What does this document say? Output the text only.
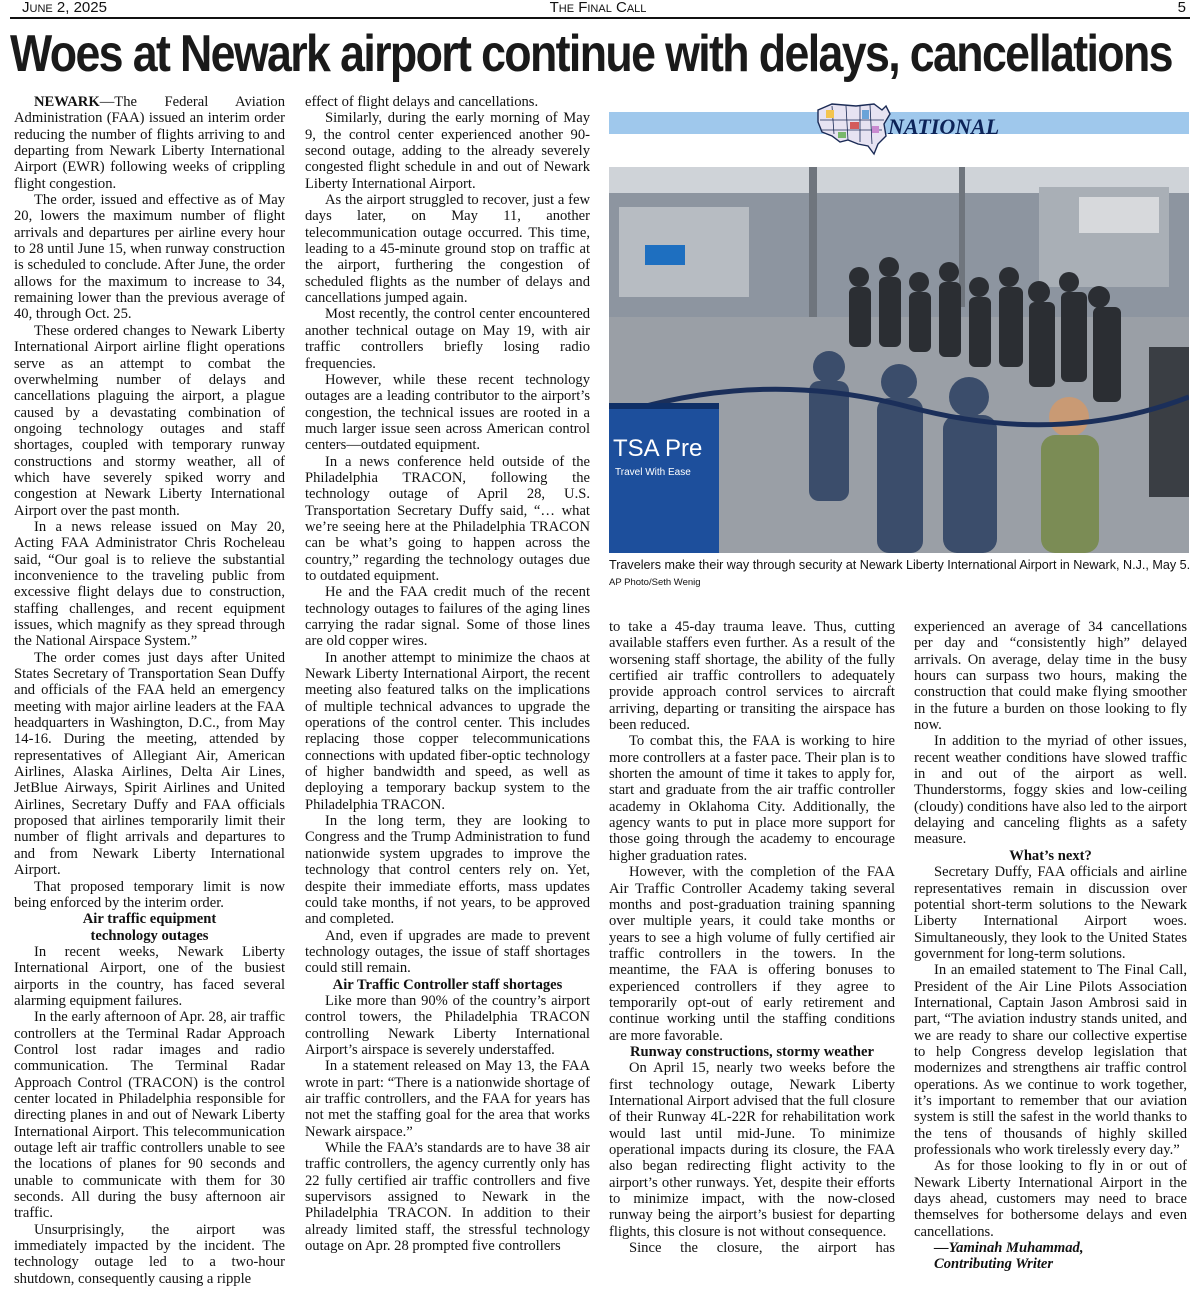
June 2, 2025	The Final Call	5
Woes at Newark airport continue with delays, cancellations

NEWARK—The Federal Aviation Administration (FAA) issued an interim order reducing the number of flights arriving to and departing from Newark Liberty International Airport (EWR) following weeks of crippling flight congestion.

The order, issued and effective as of May 20, lowers the maximum number of flight arrivals and departures per airline every hour to 28 until June 15, when runway construction is scheduled to conclude. After June, the order allows for the maximum to increase to 34, remaining lower than the previous average of 40, through Oct. 25.

These ordered changes to Newark Liberty International Airport airline flight operations serve as an attempt to combat the overwhelming number of delays and cancellations plaguing the airport, a plague caused by a devastating combination of ongoing technology outages and staff shortages, coupled with temporary runway constructions and stormy weather, all of which have severely spiked worry and congestion at Newark Liberty International Airport over the past month.

In a news release issued on May 20, Acting FAA Administrator Chris Rocheleau said, “Our goal is to relieve the substantial inconvenience to the traveling public from excessive flight delays due to construction, staffing challenges, and recent equipment issues, which magnify as they spread through the National Airspace System.”

The order comes just days after United States Secretary of Transportation Sean Duffy and officials of the FAA held an emergency meeting with major airline leaders at the FAA headquarters in Washington, D.C., from May 14-16. During the meeting, attended by representatives of Allegiant Air, American Airlines, Alaska Airlines, Delta Air Lines, JetBlue Airways, Spirit Airlines and United Airlines, Secretary Duffy and FAA officials proposed that airlines temporarily limit their number of flight arrivals and departures to and from Newark Liberty International Airport.

That proposed temporary limit is now being enforced by the interim order.

Air traffic equipment
technology outages

In recent weeks, Newark Liberty International Airport, one of the busiest airports in the country, has faced several alarming equipment failures.

In the early afternoon of Apr. 28, air traffic controllers at the Terminal Radar Approach Control lost radar images and radio communication. The Terminal Radar Approach Control (TRACON) is the control center located in Philadelphia responsible for directing planes in and out of Newark Liberty International Airport. This telecommunication outage left air traffic controllers unable to see the locations of planes for 90 seconds and unable to communicate with them for 30 seconds. All during the busy afternoon air traffic.

Unsurprisingly, the airport was immediately impacted by the incident. The technology outage led to a two-hour shutdown, consequently causing a ripple

effect of flight delays and cancellations.

Similarly, during the early morning of May 9, the control center experienced another 90-second outage, adding to the already severely congested flight schedule in and out of Newark Liberty International Airport.

As the airport struggled to recover, just a few days later, on May 11, another telecommunication outage occurred. This time, leading to a 45-minute ground stop on traffic at the airport, furthering the congestion of scheduled flights as the number of delays and cancellations jumped again.

Most recently, the control center encountered another technical outage on May 19, with air traffic controllers briefly losing radio frequencies.

However, while these recent technology outages are a leading contributor to the airport’s congestion, the technical issues are rooted in a much larger issue seen across American control centers—outdated equipment.

In a news conference held outside of the Philadelphia TRACON, following the technology outage of April 28, U.S. Transportation Secretary Duffy said, “… what we’re seeing here at the Philadelphia TRACON can be what’s going to happen across the country,” regarding the technology outages due to outdated equipment.

He and the FAA credit much of the recent technology outages to failures of the aging lines carrying the radar signal. Some of those lines are old copper wires.

In another attempt to minimize the chaos at Newark Liberty International Airport, the recent meeting also featured talks on the implications of multiple technical advances to upgrade the operations of the control center. This includes replacing those copper telecommunications connections with updated fiber-optic technology of higher bandwidth and speed, as well as deploying a temporary backup system to the Philadelphia TRACON.

In the long term, they are looking to Congress and the Trump Administration to fund nationwide system upgrades to improve the technology that control centers rely on. Yet, despite their immediate efforts, mass updates could take months, if not years, to be approved and completed.

And, even if upgrades are made to prevent technology outages, the issue of staff shortages could still remain.

Air Traffic Controller staff shortages

Like more than 90% of the country’s airport control towers, the Philadelphia TRACON controlling Newark Liberty International Airport’s airspace is severely understaffed.

In a statement released on May 13, the FAA wrote in part: “There is a nationwide shortage of air traffic controllers, and the FAA for years has not met the staffing goal for the area that works Newark airspace.”

While the FAA’s standards are to have 38 air traffic controllers, the agency currently only has 22 fully certified air traffic controllers and five supervisors assigned to Newark in the Philadelphia TRACON. In addition to their already limited staff, the stressful technology outage on Apr. 28 prompted five controllers

NATIONAL
TSA Pre
Travel With Ease
Travelers make their way through security at Newark Liberty International Airport in Newark, N.J., May 5. AP Photo/Seth Wenig

to take a 45-day trauma leave. Thus, cutting available staffers even further. As a result of the worsening staff shortage, the ability of the fully certified air traffic controllers to adequately provide approach control services to aircraft arriving, departing or transiting the airspace has been reduced.

To combat this, the FAA is working to hire more controllers at a faster pace. Their plan is to shorten the amount of time it takes to apply for, start and graduate from the air traffic controller academy in Oklahoma City. Additionally, the agency wants to put in place more support for those going through the academy to encourage higher graduation rates.

However, with the completion of the FAA Air Traffic Controller Academy taking several months and post-graduation training spanning over multiple years, it could take months or years to see a high volume of fully certified air traffic controllers in the towers. In the meantime, the FAA is offering bonuses to experienced controllers if they agree to temporarily opt-out of early retirement and continue working until the staffing conditions are more favorable.

Runway constructions, stormy weather

On April 15, nearly two weeks before the first technology outage, Newark Liberty International Airport advised that the full closure of their Runway 4L-22R for rehabilitation work would last until mid-June. To minimize operational impacts during its closure, the FAA also began redirecting flight activity to the airport’s other runways. Yet, despite their efforts to minimize impact, with the now-closed runway being the airport’s busiest for departing flights, this closure is not without consequence.

Since the closure, the airport has

experienced an average of 34 cancellations per day and “consistently high” delayed arrivals. On average, delay time in the busy hours can surpass two hours, making the construction that could make flying smoother in the future a burden on those looking to fly now.

In addition to the myriad of other issues, recent weather conditions have slowed traffic in and out of the airport as well. Thunderstorms, foggy skies and low-ceiling (cloudy) conditions have also led to the airport delaying and canceling flights as a safety measure.

What’s next?

Secretary Duffy, FAA officials and airline representatives remain in discussion over potential short-term solutions to the Newark Liberty International Airport woes. Simultaneously, they look to the United States government for long-term solutions.

In an emailed statement to The Final Call, President of the Air Line Pilots Association International, Captain Jason Ambrosi said in part, “The aviation industry stands united, and we are ready to share our collective expertise to help Congress develop legislation that modernizes and strengthens air traffic control operations. As we continue to work together, it’s important to remember that our aviation system is still the safest in the world thanks to the tens of thousands of highly skilled professionals who work tirelessly every day.”

As for those looking to fly in or out of Newark Liberty International Airport in the days ahead, customers may need to brace themselves for bothersome delays and even cancellations.

—Yaminah Muhammad,
Contributing Writer
